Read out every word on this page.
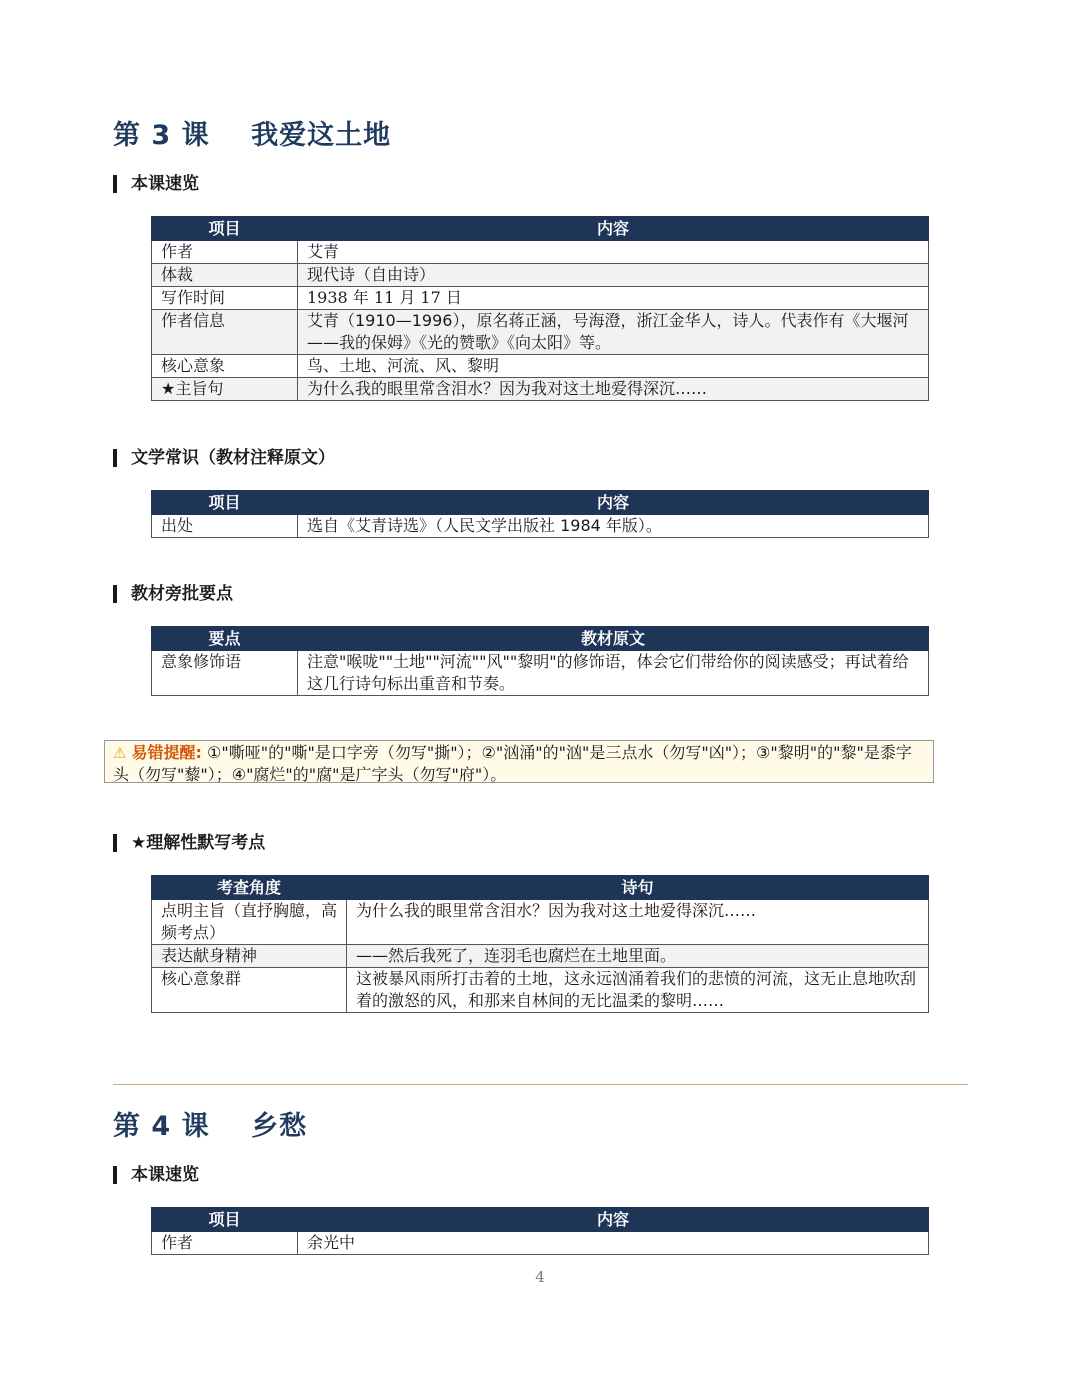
第 3 课    我爱这土地
本课速览
项目	内容
作者	艾青
体裁	现代诗（自由诗）
写作时间	1938 年 11 月 17 日
作者信息	艾青（1910—1996），原名蒋正涵，号海澄，浙江金华人，诗人。代表作有《大堰河——我的保姆》《光的赞歌》《向太阳》等。
核心意象	鸟、土地、河流、风、黎明
★主旨句	为什么我的眼里常含泪水？因为我对这土地爱得深沉……
文学常识（教材注释原文）
项目	内容
出处	选自《艾青诗选》（人民文学出版社 1984 年版）。
教材旁批要点
要点	教材原文
意象修饰语	注意"喉咙""土地""河流""风""黎明"的修饰语，体会它们带给你的阅读感受；再试着给这几行诗句标出重音和节奏。
⚠ 易错提醒: ①"嘶哑"的"嘶"是口字旁（勿写"撕"）；②"汹涌"的"汹"是三点水（勿写"凶"）；③"黎明"的"黎"是黍字头（勿写"藜"）；④"腐烂"的"腐"是广字头（勿写"府"）。
★理解性默写考点
考查角度	诗句
点明主旨（直抒胸臆，高频考点）	为什么我的眼里常含泪水？因为我对这土地爱得深沉……
表达献身精神	——然后我死了，连羽毛也腐烂在土地里面。
核心意象群	这被暴风雨所打击着的土地，这永远汹涌着我们的悲愤的河流，这无止息地吹刮着的激怒的风，和那来自林间的无比温柔的黎明……
第 4 课    乡愁
本课速览
项目	内容
作者	余光中
4
